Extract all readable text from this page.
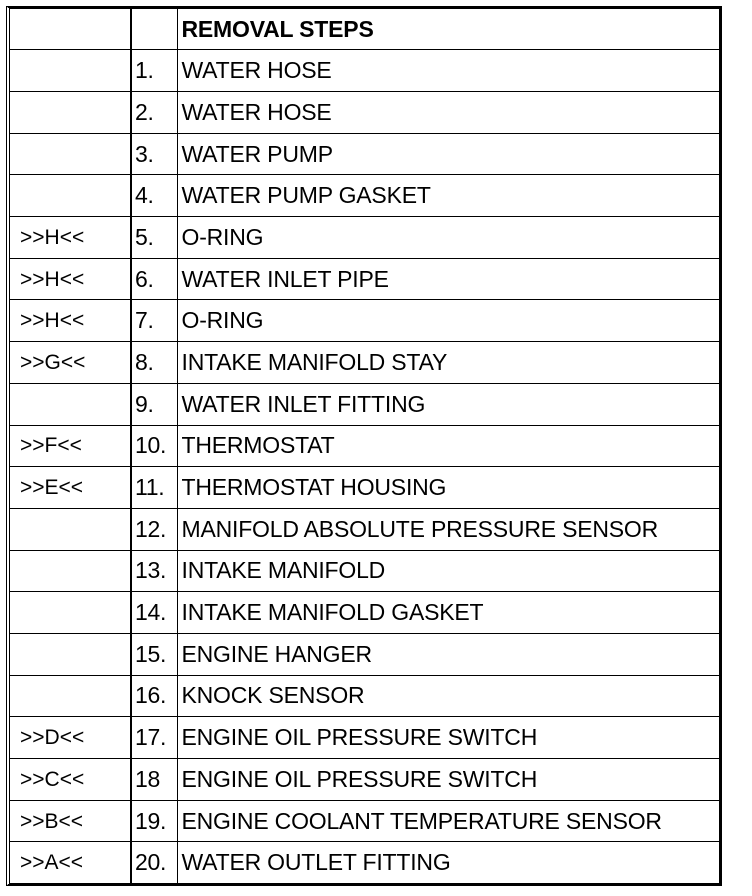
		REMOVAL STEPS
	1.	WATER HOSE
	2.	WATER HOSE
	3.	WATER PUMP
	4.	WATER PUMP GASKET
>>H<<	5.	O-RING
>>H<<	6.	WATER INLET PIPE
>>H<<	7.	O-RING
>>G<<	8.	INTAKE MANIFOLD STAY
	9.	WATER INLET FITTING
>>F<<	10.	THERMOSTAT
>>E<<	11.	THERMOSTAT HOUSING
	12.	MANIFOLD ABSOLUTE PRESSURE SENSOR
	13.	INTAKE MANIFOLD
	14.	INTAKE MANIFOLD GASKET
	15.	ENGINE HANGER
	16.	KNOCK SENSOR
>>D<<	17.	ENGINE OIL PRESSURE SWITCH
>>C<<	18	ENGINE OIL PRESSURE SWITCH
>>B<<	19.	ENGINE COOLANT TEMPERATURE SENSOR
>>A<<	20.	WATER OUTLET FITTING
